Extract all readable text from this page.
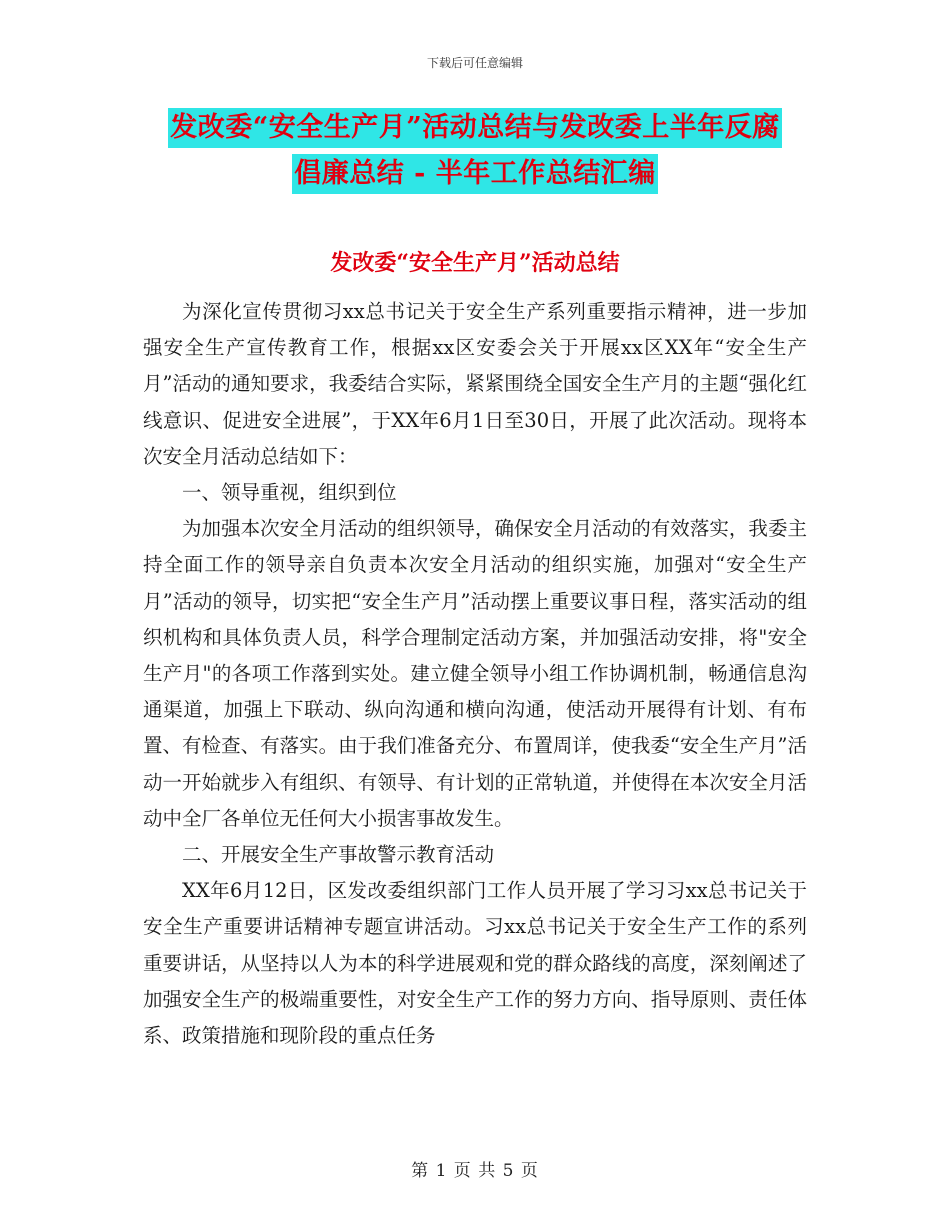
下载后可任意编辑
发改委“安全生产月”活动总结与发改委上半年反腐
倡廉总结 - 半年工作总结汇编
发改委“安全生产月”活动总结

为深化宣传贯彻习xx总书记关于安全生产系列重要指示精神，进一步加强安全生产宣传教育工作，根据xx区安委会关于开展xx区XX年“安全生产月”活动的通知要求，我委结合实际，紧紧围绕全国安全生产月的主题“强化红线意识、促进安全进展”，于XX年6月1日至30日，开展了此次活动。现将本次安全月活动总结如下：

一、领导重视，组织到位

为加强本次安全月活动的组织领导，确保安全月活动的有效落实，我委主持全面工作的领导亲自负责本次安全月活动的组织实施，加强对“安全生产月”活动的领导，切实把“安全生产月”活动摆上重要议事日程，落实活动的组织机构和具体负责人员，科学合理制定活动方案，并加强活动安排，将"安全生产月"的各项工作落到实处。建立健全领导小组工作协调机制，畅通信息沟通渠道，加强上下联动、纵向沟通和横向沟通，使活动开展得有计划、有布置、有检查、有落实。由于我们准备充分、布置周详，使我委“安全生产月”活动一开始就步入有组织、有领导、有计划的正常轨道，并使得在本次安全月活动中全厂各单位无任何大小损害事故发生。

二、开展安全生产事故警示教育活动

XX年6月12日，区发改委组织部门工作人员开展了学习习xx总书记关于安全生产重要讲话精神专题宣讲活动。习xx总书记关于安全生产工作的系列重要讲话，从坚持以人为本的科学进展观和党的群众路线的高度，深刻阐述了加强安全生产的极端重要性，对安全生产工作的努力方向、指导原则、责任体系、政策措施和现阶段的重点任务

第 1 页 共 5 页
